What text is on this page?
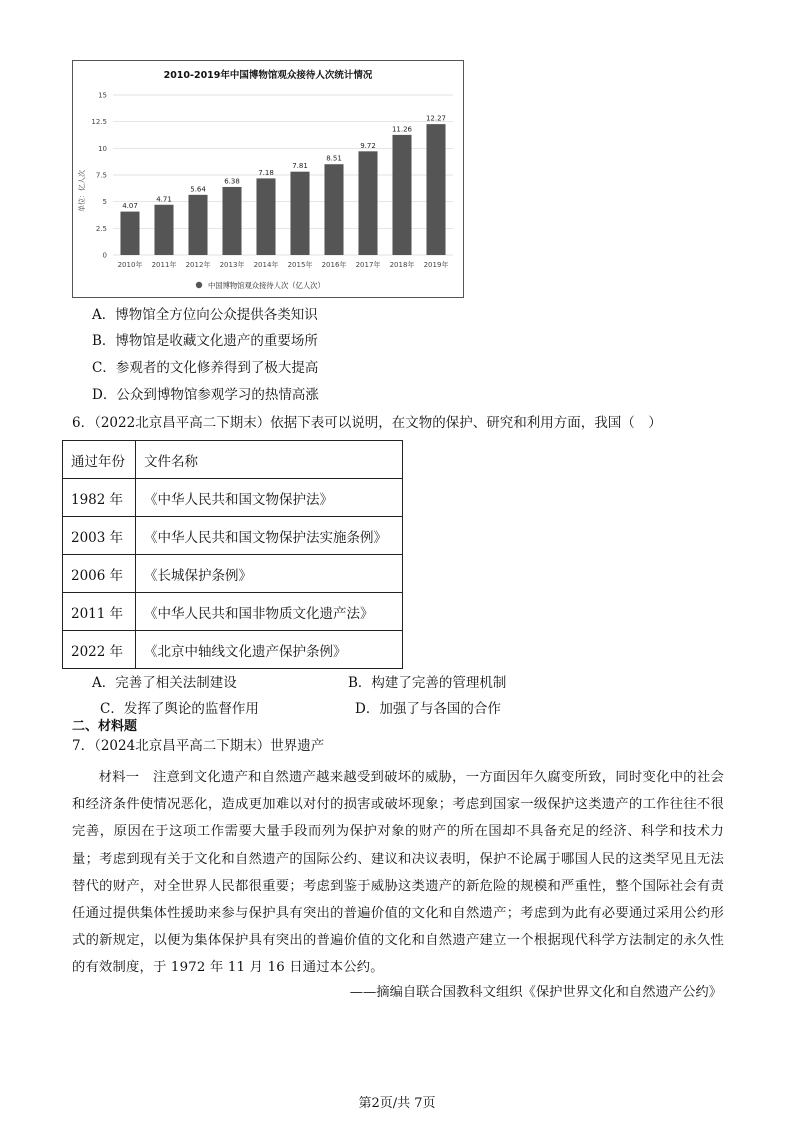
2010-2019年中国博物馆观众接待人次统计情况
单位：亿人次
0
2.5
5
7.5
10
12.5
15
4.07
2010年
4.71
2011年
5.64
2012年
6.38
2013年
7.18
2014年
7.81
2015年
8.51
2016年
9.72
2017年
11.26
2018年
12.27
2019年
中国博物馆观众接待人次（亿人次）
A．博物馆全方位向公众提供各类知识
B．博物馆是收藏文化遗产的重要场所
C．参观者的文化修养得到了极大提高
D．公众到博物馆参观学习的热情高涨
6．（2022北京昌平高二下期末）依据下表可以说明，在文物的保护、研究和利用方面，我国（　）
通过年份	文件名称
1982 年	《中华人民共和国文物保护法》
2003 年	《中华人民共和国文物保护法实施条例》
2006 年	《长城保护条例》
2011 年	《中华人民共和国非物质文化遗产法》
2022 年	《北京中轴线文化遗产保护条例》
A．完善了相关法制建设	B．构建了完善的管理机制
C．发挥了舆论的监督作用	D．加强了与各国的合作
二、材料题
7．（2024北京昌平高二下期末）世界遗产
材料一　注意到文化遗产和自然遗产越来越受到破坏的威胁，一方面因年久腐变所致，同时变化中的社会和经济条件使情况恶化，造成更加难以对付的损害或破坏现象；考虑到国家一级保护这类遗产的工作往往不很完善，原因在于这项工作需要大量手段而列为保护对象的财产的所在国却不具备充足的经济、科学和技术力量；考虑到现有关于文化和自然遗产的国际公约、建议和决议表明，保护不论属于哪国人民的这类罕见且无法替代的财产，对全世界人民都很重要；考虑到鉴于威胁这类遗产的新危险的规模和严重性，整个国际社会有责任通过提供集体性援助来参与保护具有突出的普遍价值的文化和自然遗产；考虑到为此有必要通过采用公约形式的新规定，以便为集体保护具有突出的普遍价值的文化和自然遗产建立一个根据现代科学方法制定的永久性的有效制度，于 1972 年 11 月 16 日通过本公约。
——摘编自联合国教科文组织《保护世界文化和自然遗产公约》
第2页/共 7页
